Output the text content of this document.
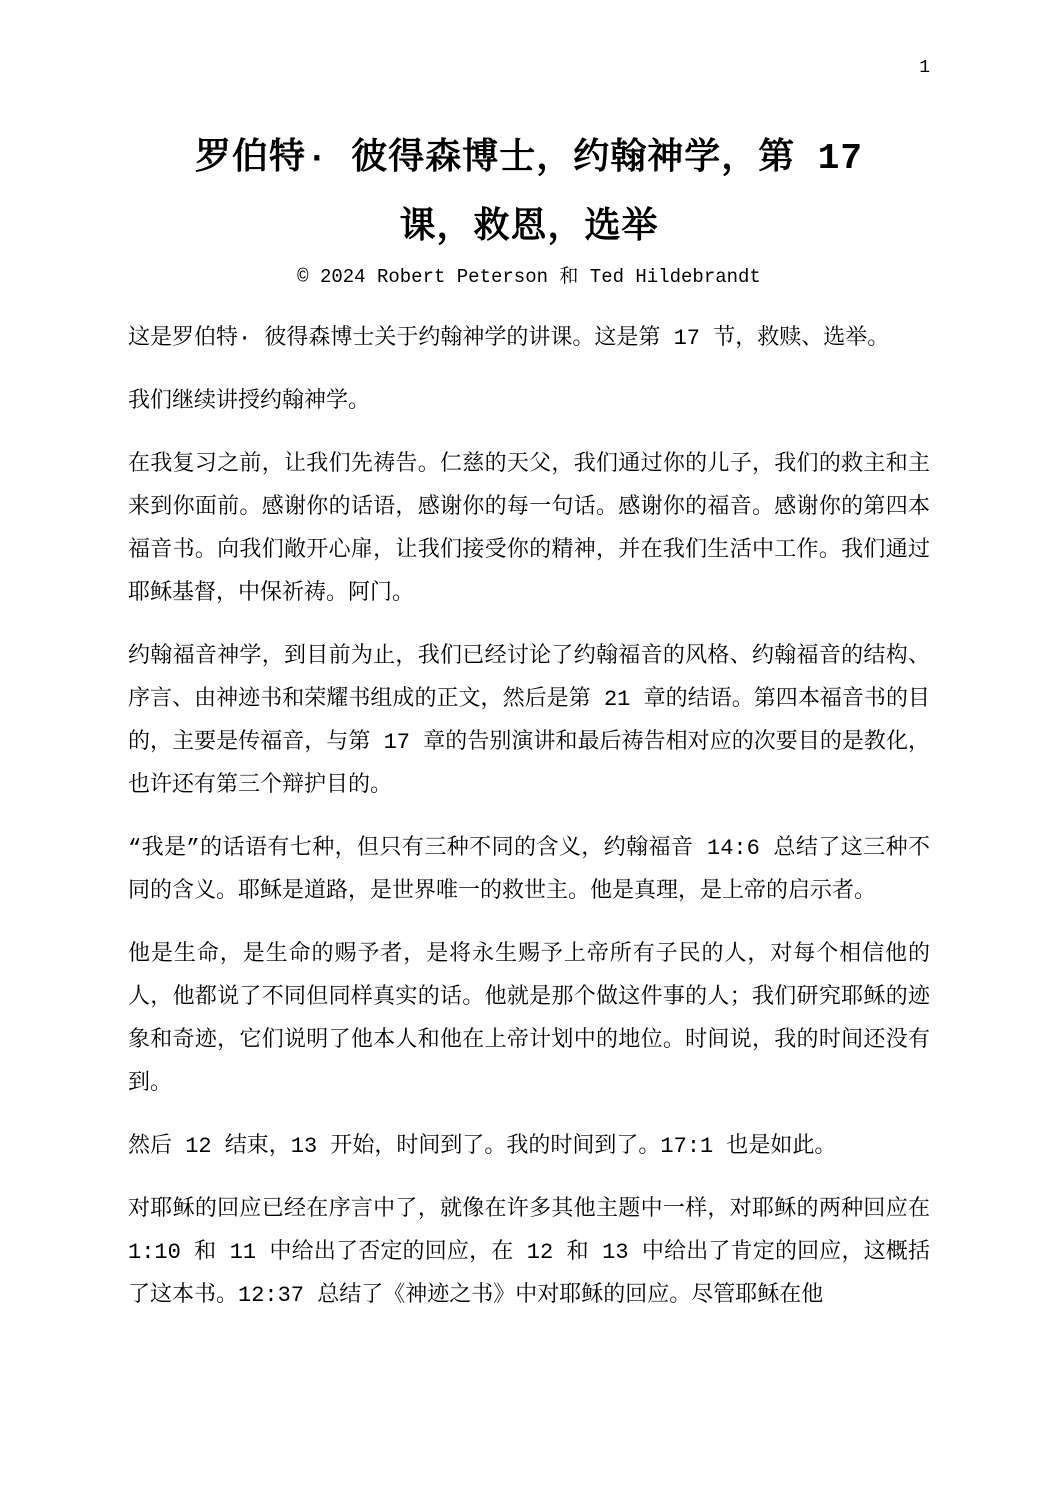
1
罗伯特· 彼得森博士，约翰神学，第 17
课，救恩，选举
© 2024 Robert Peterson 和 Ted Hildebrandt

这是罗伯特· 彼得森博士关于约翰神学的讲课。这是第 17 节，救赎、选举。

我们继续讲授约翰神学。

在我复习之前，让我们先祷告。仁慈的天父，我们通过你的儿子，我们的救主和主来到你面前。感谢你的话语，感谢你的每一句话。感谢你的福音。感谢你的第四本福音书。向我们敞开心扉，让我们接受你的精神，并在我们生活中工作。我们通过耶稣基督，中保祈祷。阿门。

约翰福音神学，到目前为止，我们已经讨论了约翰福音的风格、约翰福音的结构、序言、由神迹书和荣耀书组成的正文，然后是第 21 章的结语。第四本福音书的目的，主要是传福音，与第 17 章的告别演讲和最后祷告相对应的次要目的是教化，也许还有第三个辩护目的。

“我是”的话语有七种，但只有三种不同的含义，约翰福音 14:6 总结了这三种不同的含义。耶稣是道路，是世界唯一的救世主。他是真理，是上帝的启示者。

他是生命，是生命的赐予者，是将永生赐予上帝所有子民的人，对每个相信他的人，他都说了不同但同样真实的话。他就是那个做这件事的人；我们研究耶稣的迹象和奇迹，它们说明了他本人和他在上帝计划中的地位。时间说，我的时间还没有到。

然后 12 结束，13 开始，时间到了。我的时间到了。17:1 也是如此。

对耶稣的回应已经在序言中了，就像在许多其他主题中一样，对耶稣的两种回应在 1:10 和 11 中给出了否定的回应，在 12 和 13 中给出了肯定的回应，这概括了这本书。12:37 总结了《神迹之书》中对耶稣的回应。尽管耶稣在他
